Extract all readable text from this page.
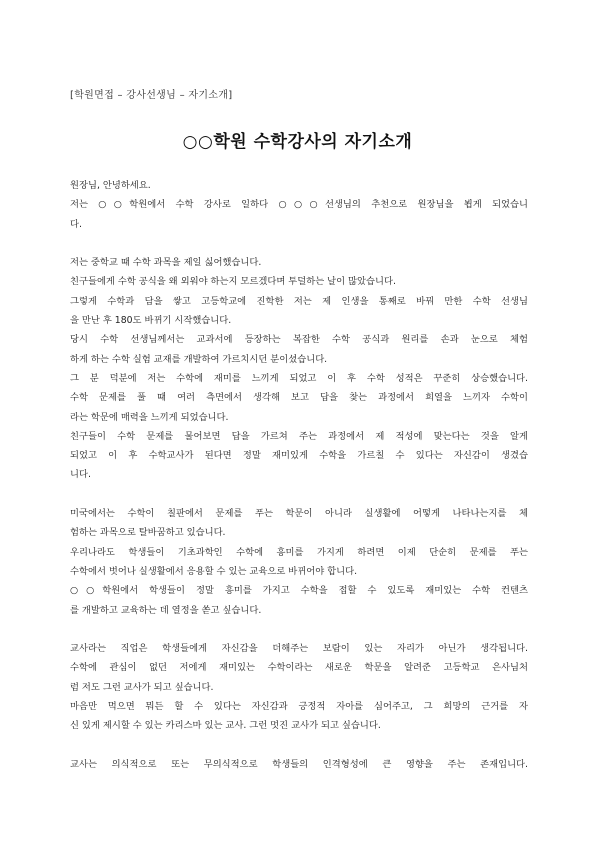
[학원면접 – 강사선생님 – 자기소개]
○○학원 수학강사의 자기소개
원장님, 안녕하세요.
저는 ○○학원에서 수학 강사로 일하다 ○○○선생님의 추천으로 원장님을 뵙게 되었습니
다.
저는 중학교 때 수학 과목을 제일 싫어했습니다.
친구들에게 수학 공식을 왜 외워야 하는지 모르겠다며 투덜하는 날이 많았습니다.
그렇게 수학과 담을 쌓고 고등학교에 진학한 저는 제 인생을 통째로 바꿔 만한 수학 선생님
을 만난 후 180도 바뀌기 시작했습니다.
당시 수학 선생님께서는 교과서에 등장하는 복잡한 수학 공식과 원리를 손과 눈으로 체험
하게 하는 수학 실험 교재를 개발하여 가르치시던 분이셨습니다.
그 분 덕분에 저는 수학에 재미를 느끼게 되었고 이 후 수학 성적은 꾸준히 상승했습니다.
수학 문제를 풀 때 여러 측면에서 생각해 보고 답을 찾는 과정에서 희열을 느끼자 수학이
라는 학문에 매력을 느끼게 되었습니다.
친구들이 수학 문제를 물어보면 답을 가르쳐 주는 과정에서 제 적성에 맞는다는 것을 알게
되었고 이 후 수학교사가 된다면 정말 재미있게 수학을 가르칠 수 있다는 자신감이 생겼습
니다.
미국에서는 수학이 칠판에서 문제를 푸는 학문이 아니라 실생활에 어떻게 나타나는지를 체
험하는 과목으로 탈바꿈하고 있습니다.
우리나라도 학생들이 기초과학인 수학에 흥미를 가지게 하려면 이제 단순히 문제를 푸는
수학에서 벗어나 실생활에서 응용할 수 있는 교육으로 바뀌어야 합니다.
○○학원에서 학생들이 정말 흥미를 가지고 수학을 접할 수 있도록 재미있는 수학 컨텐츠
를 개발하고 교육하는 데 열정을 쏟고 싶습니다.
교사라는 직업은 학생들에게 자신감을 더해주는 보람이 있는 자리가 아닌가 생각됩니다.
수학에 관심이 없던 저에게 재미있는 수학이라는 새로운 학문을 알려준 고등학교 은사님처
럼 저도 그런 교사가 되고 싶습니다.
마음만 먹으면 뭐든 할 수 있다는 자신감과 긍정적 자아를 심어주고, 그 희망의 근거를 자
신 있게 제시할 수 있는 카리스마 있는 교사. 그런 멋진 교사가 되고 싶습니다.
교사는 의식적으로 또는 무의식적으로 학생들의 인격형성에 큰 영향을 주는 존재입니다.
